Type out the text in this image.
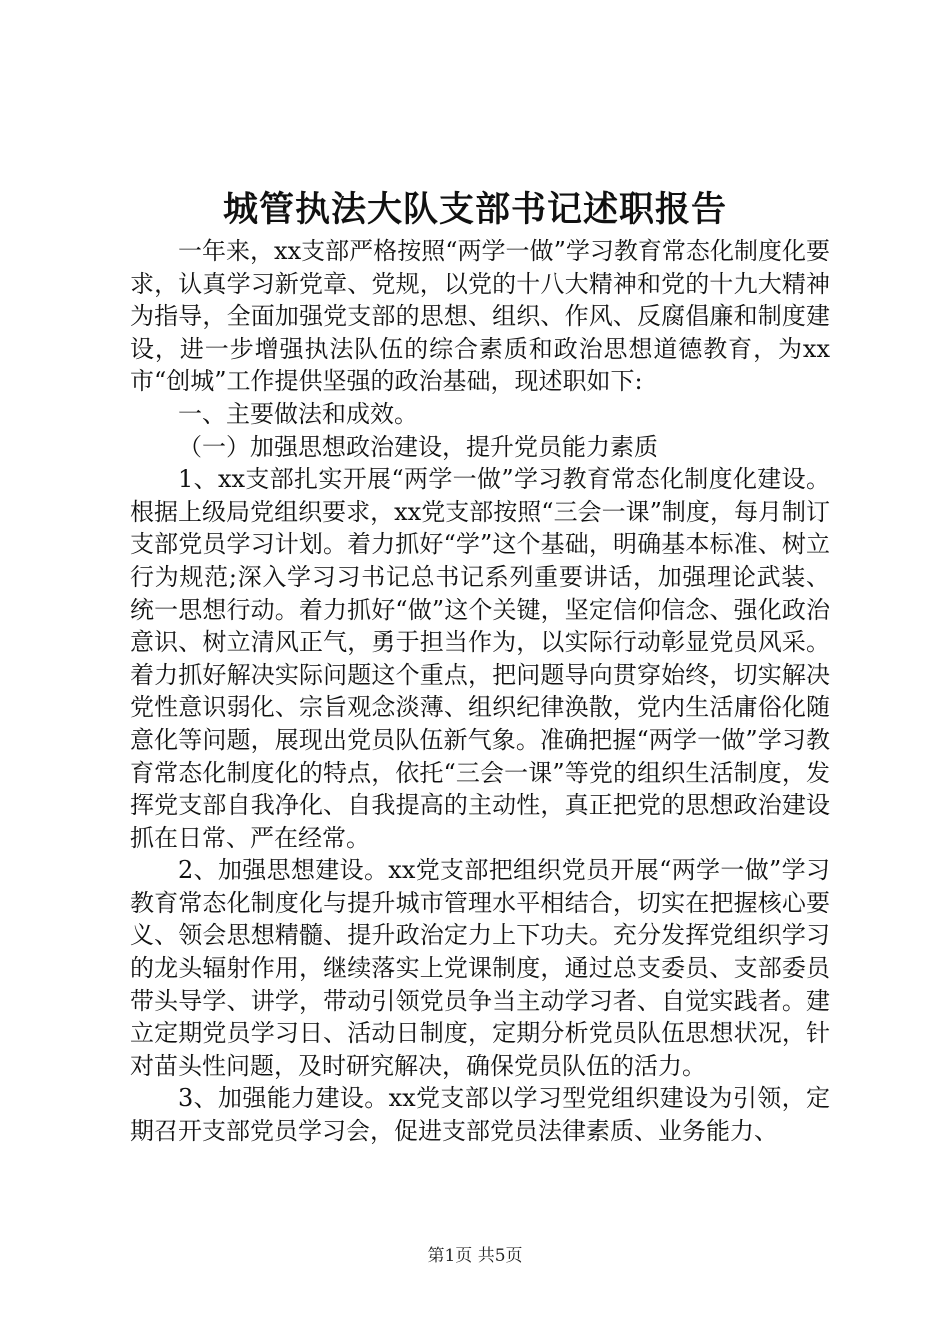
城管执法大队支部书记述职报告

一年来，xx支部严格按照“两学一做”学习教育常态化制度化要求，认真学习新党章、党规，以党的十八大精神和党的十九大精神为指导，全面加强党支部的思想、组织、作风、反腐倡廉和制度建设，进一步增强执法队伍的综合素质和政治思想道德教育，为xx市“创城”工作提供坚强的政治基础，现述职如下:

一、主要做法和成效。

（一）加强思想政治建设，提升党员能力素质

1、xx支部扎实开展“两学一做”学习教育常态化制度化建设。根据上级局党组织要求，xx党支部按照“三会一课”制度，每月制订支部党员学习计划。着力抓好“学”这个基础，明确基本标准、树立行为规范;深入学习习书记总书记系列重要讲话，加强理论武装、统一思想行动。着力抓好“做”这个关键，坚定信仰信念、强化政治意识、树立清风正气，勇于担当作为，以实际行动彰显党员风采。着力抓好解决实际问题这个重点，把问题导向贯穿始终，切实解决党性意识弱化、宗旨观念淡薄、组织纪律涣散，党内生活庸俗化随意化等问题，展现出党员队伍新气象。准确把握“两学一做”学习教育常态化制度化的特点，依托“三会一课”等党的组织生活制度，发挥党支部自我净化、自我提高的主动性，真正把党的思想政治建设抓在日常、严在经常。

2、加强思想建设。xx党支部把组织党员开展“两学一做”学习教育常态化制度化与提升城市管理水平相结合，切实在把握核心要义、领会思想精髓、提升政治定力上下功夫。充分发挥党组织学习的龙头辐射作用，继续落实上党课制度，通过总支委员、支部委员带头导学、讲学，带动引领党员争当主动学习者、自觉实践者。建立定期党员学习日、活动日制度，定期分析党员队伍思想状况，针对苗头性问题，及时研究解决，确保党员队伍的活力。

3、加强能力建设。xx党支部以学习型党组织建设为引领，定期召开支部党员学习会，促进支部党员法律素质、业务能力、

第1页 共5页
